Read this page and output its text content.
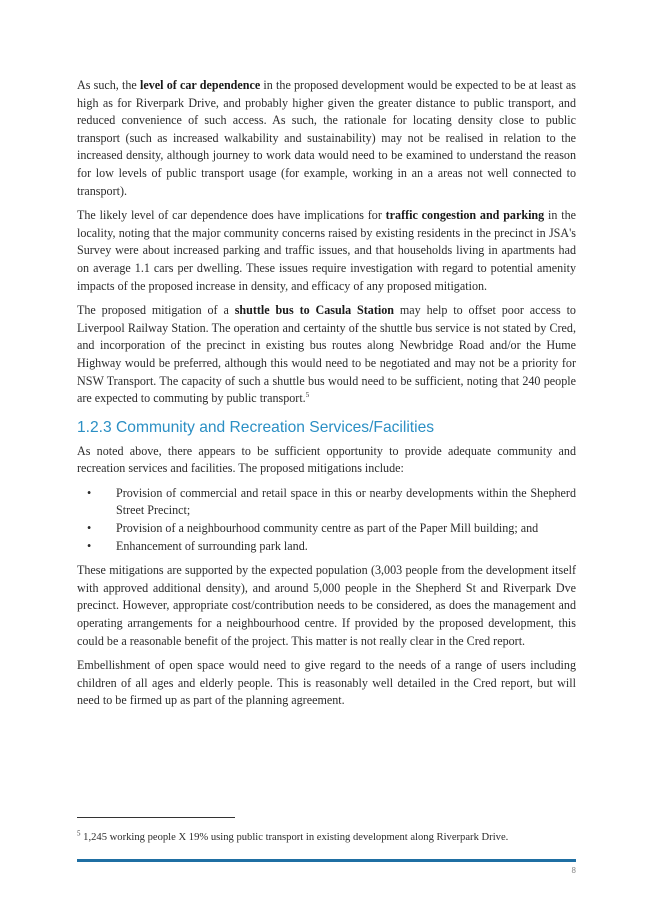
As such, the level of car dependence in the proposed development would be expected to be at least as high as for Riverpark Drive, and probably higher given the greater distance to public transport, and reduced convenience of such access. As such, the rationale for locating density close to public transport (such as increased walkability and sustainability) may not be realised in relation to the increased density, although journey to work data would need to be examined to understand the reason for low levels of public transport usage (for example, working in an a areas not well connected to transport).

The likely level of car dependence does have implications for traffic congestion and parking in the locality, noting that the major community concerns raised by existing residents in the precinct in JSA's Survey were about increased parking and traffic issues, and that households living in apartments had on average 1.1 cars per dwelling. These issues require investigation with regard to potential amenity impacts of the proposed increase in density, and efficacy of any proposed mitigation.

The proposed mitigation of a shuttle bus to Casula Station may help to offset poor access to Liverpool Railway Station. The operation and certainty of the shuttle bus service is not stated by Cred, and incorporation of the precinct in existing bus routes along Newbridge Road and/or the Hume Highway would be preferred, although this would need to be negotiated and may not be a priority for NSW Transport. The capacity of such a shuttle bus would need to be sufficient, noting that 240 people are expected to commuting by public transport.$^5$

1.2.3 Community and Recreation Services/Facilities

As noted above, there appears to be sufficient opportunity to provide adequate community and recreation services and facilities. The proposed mitigations include:

• Provision of commercial and retail space in this or nearby developments within the Shepherd Street Precinct;
• Provision of a neighbourhood community centre as part of the Paper Mill building; and
• Enhancement of surrounding park land.

These mitigations are supported by the expected population (3,003 people from the development itself with approved additional density), and around 5,000 people in the Shepherd St and Riverpark Dve precinct. However, appropriate cost/contribution needs to be considered, as does the management and operating arrangements for a neighbourhood centre. If provided by the proposed development, this could be a reasonable benefit of the project. This matter is not really clear in the Cred report.

Embellishment of open space would need to give regard to the needs of a range of users including children of all ages and elderly people. This is reasonably well detailed in the Cred report, but will need to be firmed up as part of the planning agreement.

$^5$ 1,245 working people X 19% using public transport in existing development along Riverpark Drive.
8
